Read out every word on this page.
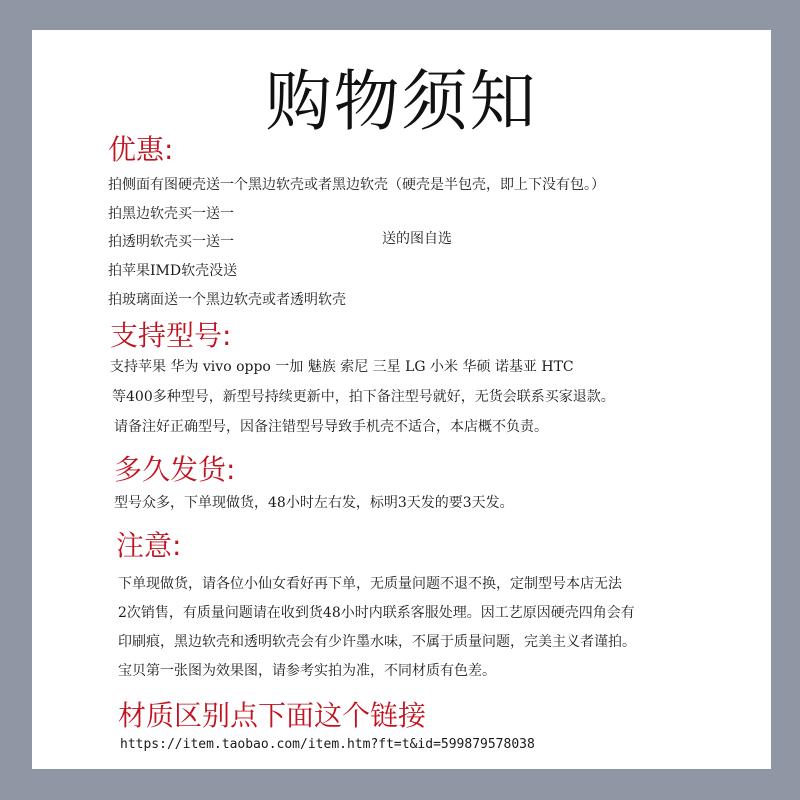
购物须知
优惠:
拍侧面有图硬壳送一个黑边软壳或者黑边软壳（硬壳是半包壳，即上下没有包。）
拍黑边软壳买一送一
拍透明软壳买一送一	送的图自选
拍苹果IMD软壳没送
拍玻璃面送一个黑边软壳或者透明软壳
支持型号:
支持苹果 华为 vivo oppo 一加 魅族 索尼 三星 LG 小米 华硕 诺基亚 HTC
等400多种型号，新型号持续更新中，拍下备注型号就好，无货会联系买家退款。
请备注好正确型号，因备注错型号导致手机壳不适合，本店概不负责。
多久发货:
型号众多，下单现做货，48小时左右发，标明3天发的要3天发。
注意:
下单现做货，请各位小仙女看好再下单，无质量问题不退不换，定制型号本店无法
2次销售，有质量问题请在收到货48小时内联系客服处理。因工艺原因硬壳四角会有
印刷痕，黑边软壳和透明软壳会有少许墨水味，不属于质量问题，完美主义者谨拍。
宝贝第一张图为效果图，请参考实拍为准，不同材质有色差。
材质区别点下面这个链接
https://item.taobao.com/item.htm?ft=t&id=599879578038
